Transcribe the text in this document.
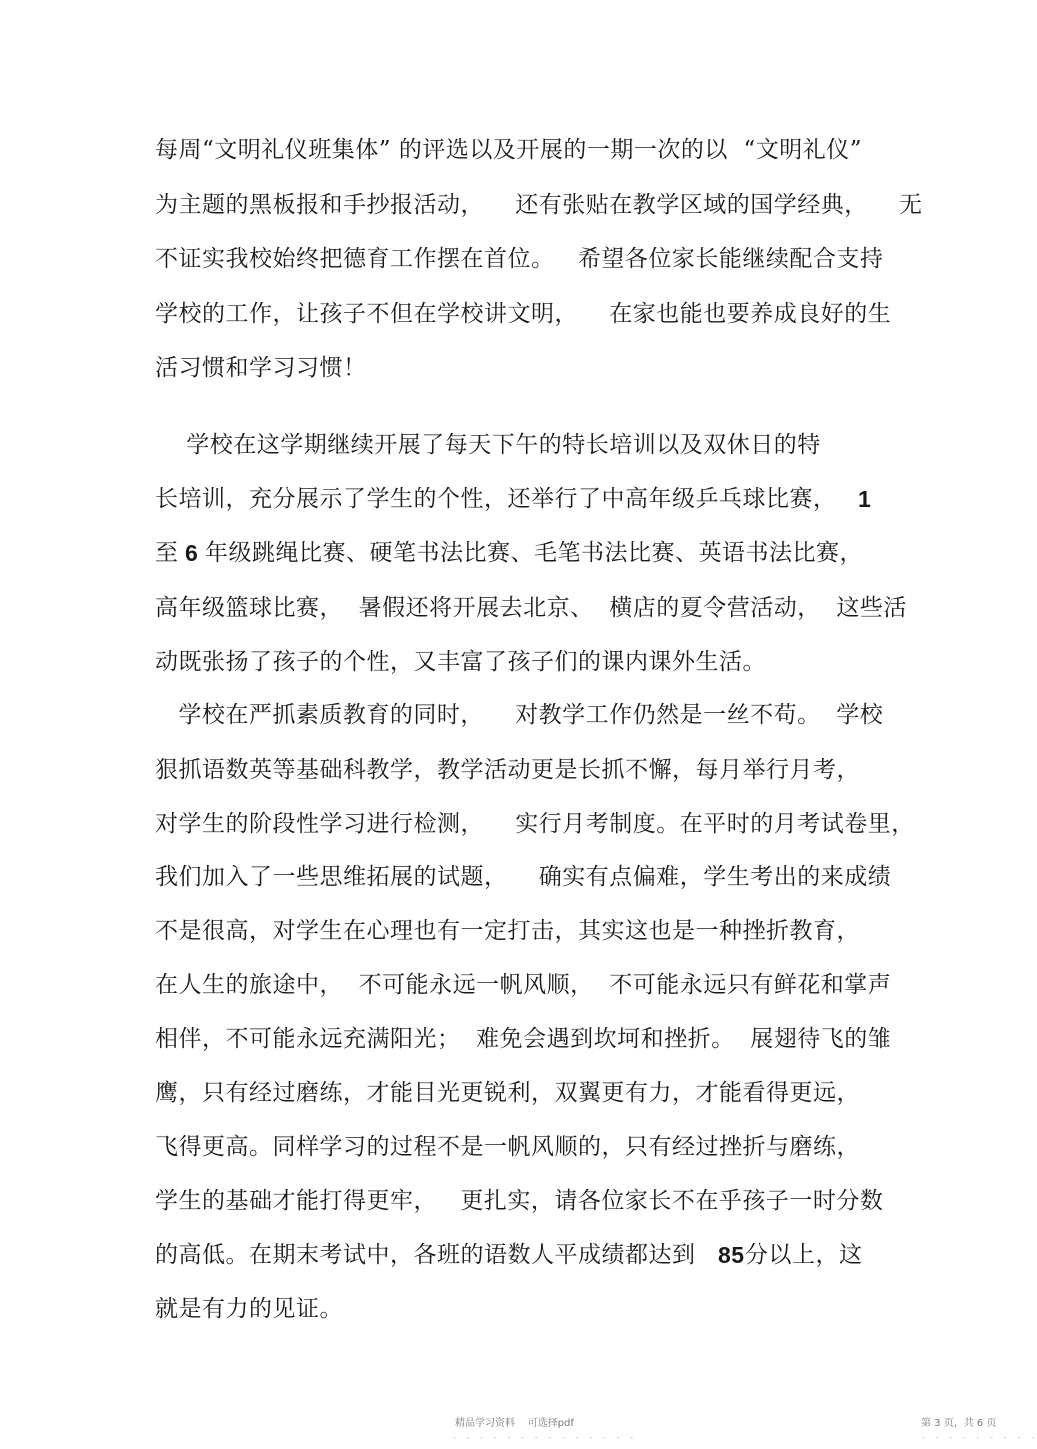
每周“文明礼仪班集体” 的评选以及开展的一期一次的以  “文明礼仪”
为主题的黑板报和手抄报活动，    还有张贴在教学区域的国学经典，    无
不证实我校始终把德育工作摆在首位。   希望各位家长能继续配合支持
学校的工作，让孩子不但在学校讲文明，    在家也能也要养成良好的生
活习惯和学习习惯！
学校在这学期继续开展了每天下午的特长培训以及双休日的特
长培训，充分展示了学生的个性，还举行了中高年级乒乓球比赛， 1
至 6 年级跳绳比赛、硬笔书法比赛、毛笔书法比赛、英语书法比赛，
高年级篮球比赛，  暑假还将开展去北京、  横店的夏令营活动，  这些活
动既张扬了孩子的个性，又丰富了孩子们的课内课外生活。
学校在严抓素质教育的同时，    对教学工作仍然是一丝不苟。  学校
狠抓语数英等基础科教学，教学活动更是长抓不懈，每月举行月考，
对学生的阶段性学习进行检测，    实行月考制度。在平时的月考试卷里，
我们加入了一些思维拓展的试题，    确实有点偏难，学生考出的来成绩
不是很高，对学生在心理也有一定打击，其实这也是一种挫折教育，
在人生的旅途中，  不可能永远一帆风顺，  不可能永远只有鲜花和掌声
相伴，不可能永远充满阳光；  难免会遇到坎坷和挫折。  展翅待飞的雏
鹰，只有经过磨练，才能目光更锐利，双翼更有力，才能看得更远，
飞得更高。同样学习的过程不是一帆风顺的，只有经过挫折与磨练，
学生的基础才能打得更牢，   更扎实，请各位家长不在乎孩子一时分数
的高低。在期末考试中，各班的语数人平成绩都达到 85 分以上，这
就是有力的见证。
精品学习资料    可选择pdf	第 3 页，共 6 页
- - - - - - - - - - - - - -	- - - - - - - - -
